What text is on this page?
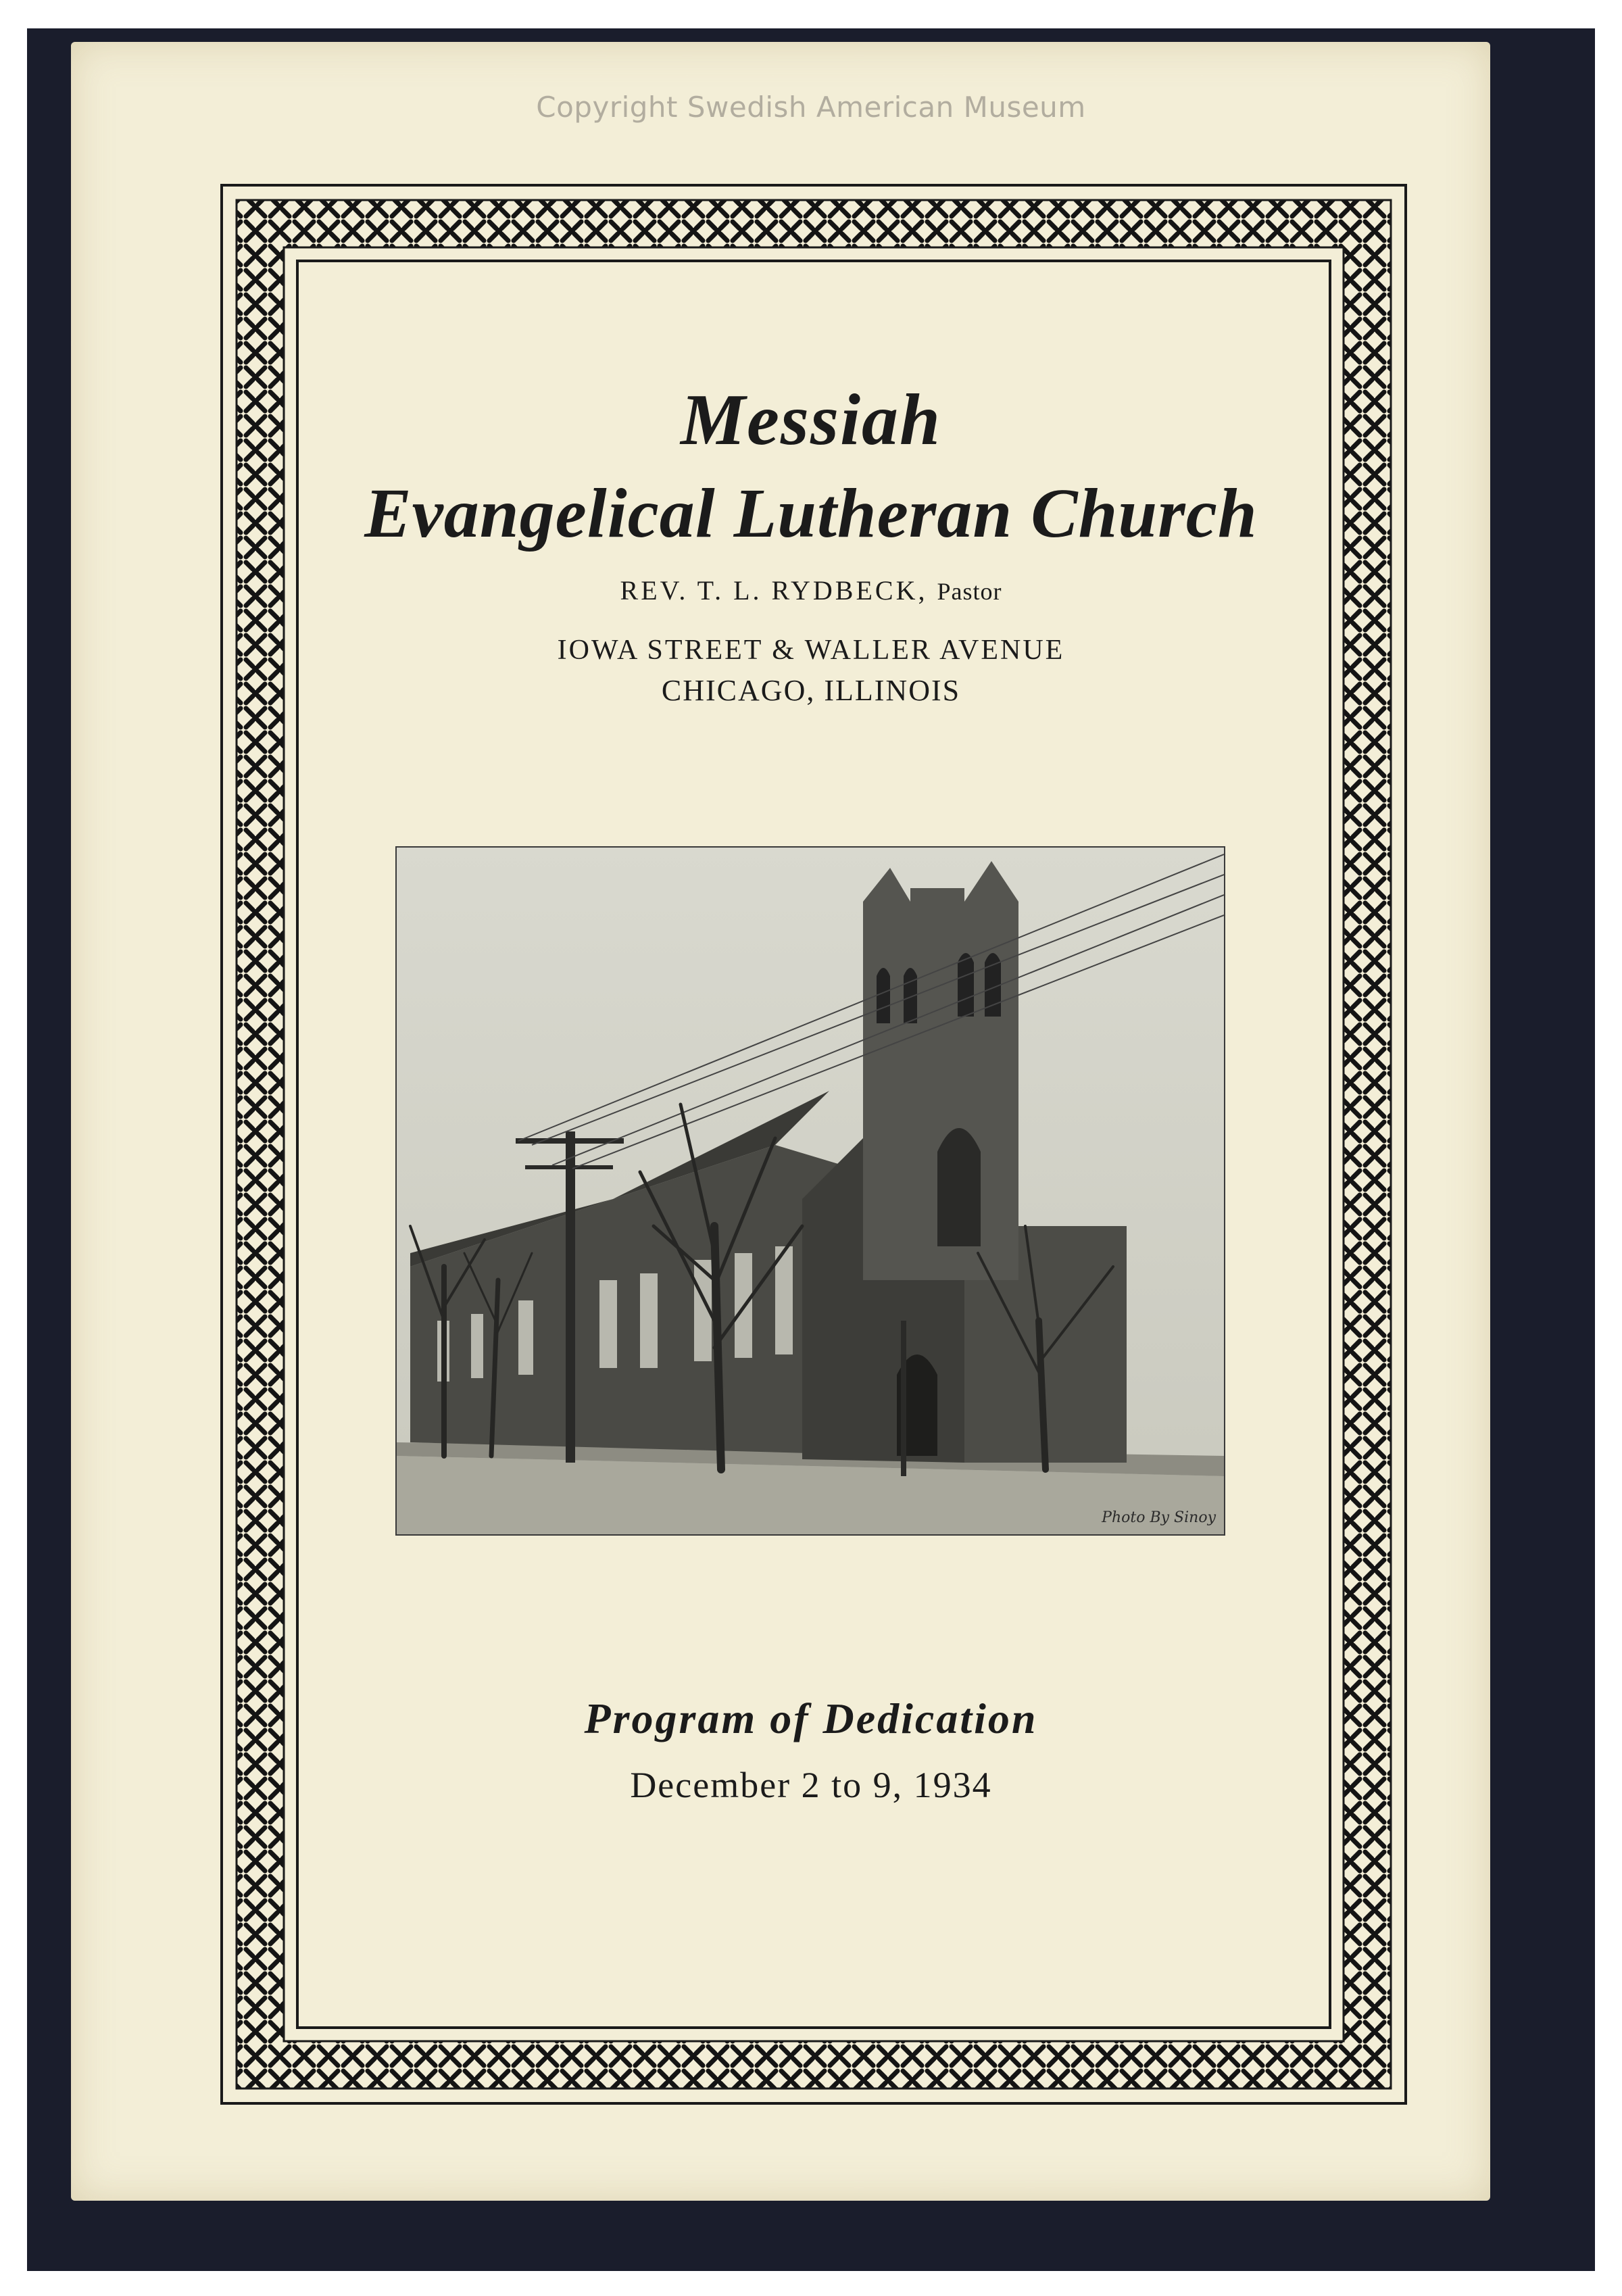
Copyright Swedish American Museum
Messiah
Evangelical Lutheran Church
REV. T. L. RYDBECK, Pastor
IOWA STREET & WALLER AVENUE
CHICAGO, ILLINOIS
Photo By Sinoy
Program of Dedication
December 2 to 9, 1934
